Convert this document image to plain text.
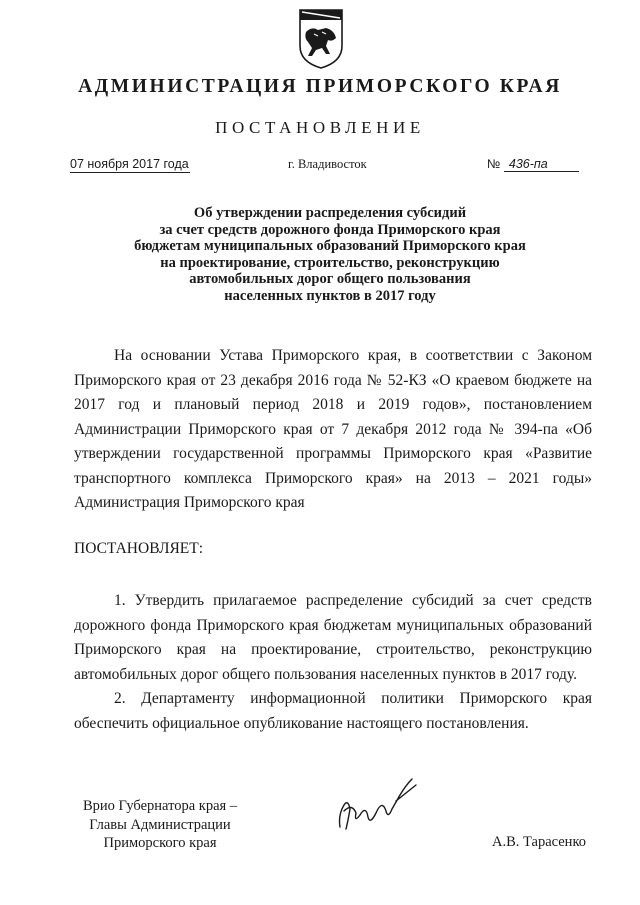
АДМИНИСТРАЦИЯ ПРИМОРСКОГО КРАЯ
ПОСТАНОВЛЕНИЕ
07 ноября 2017 года	г. Владивосток	№ 436-па
Об утверждении распределения субсидий
за счет средств дорожного фонда Приморского края
бюджетам муниципальных образований Приморского края
на проектирование, строительство, реконструкцию
автомобильных дорог общего пользования
населенных пунктов в 2017 году
На основании Устава Приморского края, в соответствии с Законом Приморского края от 23 декабря 2016 года № 52-КЗ «О краевом бюджете на 2017 год и плановый период 2018 и 2019 годов», постановлением Администрации Приморского края от 7 декабря 2012 года № 394-па «Об утверждении государственной программы Приморского края «Развитие транспортного комплекса Приморского края» на 2013 – 2021 годы» Администрация Приморского края
ПОСТАНОВЛЯЕТ:
1. Утвердить прилагаемое распределение субсидий за счет средств дорожного фонда Приморского края бюджетам муниципальных образований Приморского края на проектирование, строительство, реконструкцию автомобильных дорог общего пользования населенных пунктов в 2017 году.
2. Департаменту информационной политики Приморского края обеспечить официальное опубликование настоящего постановления.
Врио Губернатора края –
Главы Администрации
Приморского края	А.В. Тарасенко
